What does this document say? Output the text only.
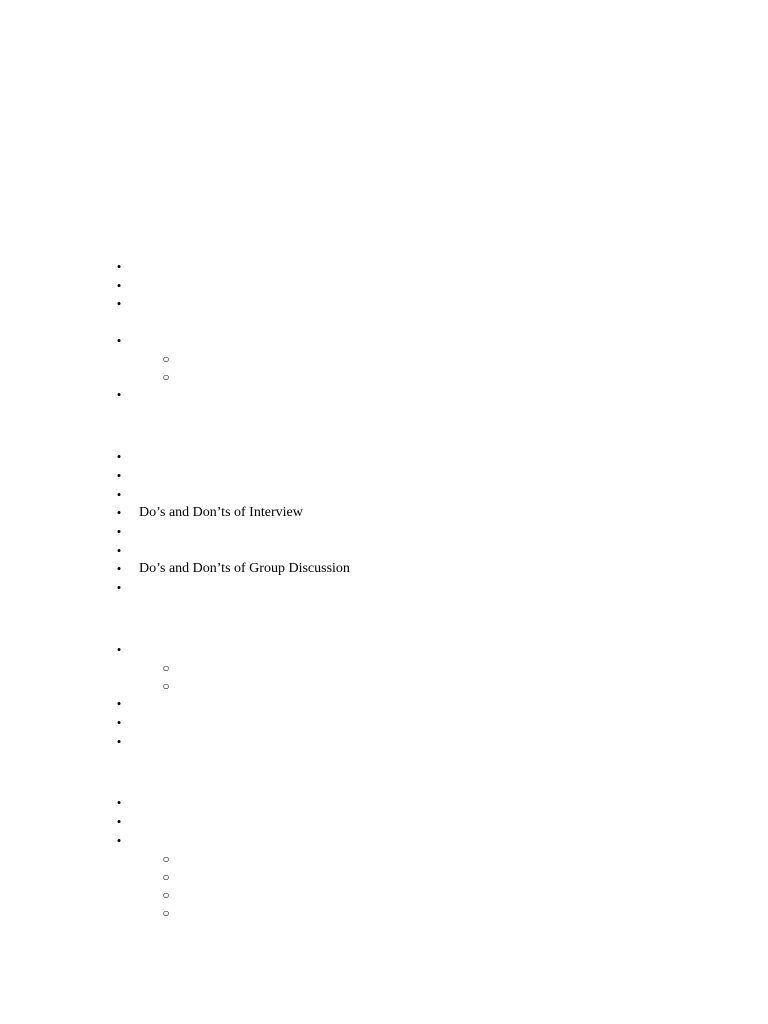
•
•
•
•
○
○
•
•
•
•
• Do’s and Don’ts of Interview
•
•
• Do’s and Don’ts of Group Discussion
•
•
○
○
•
•
•
•
•
•
○
○
○
○
